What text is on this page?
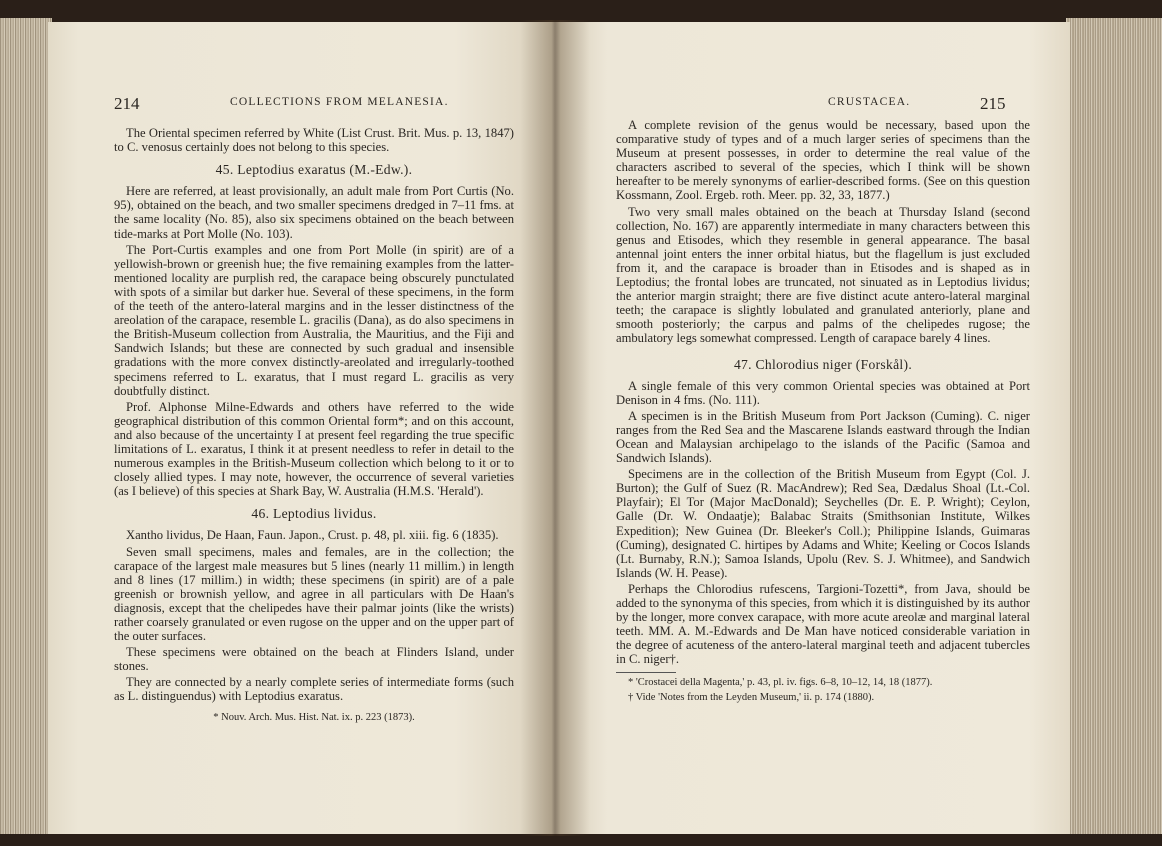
214	COLLECTIONS FROM MELANESIA.

The Oriental specimen referred by White (List Crust. Brit. Mus. p. 13, 1847) to C. venosus certainly does not belong to this species.

45. Leptodius exaratus (M.-Edw.).

Here are referred, at least provisionally, an adult male from Port Curtis (No. 95), obtained on the beach, and two smaller specimens dredged in 7–11 fms. at the same locality (No. 85), also six specimens obtained on the beach between tide-marks at Port Molle (No. 103).

The Port-Curtis examples and one from Port Molle (in spirit) are of a yellowish-brown or greenish hue; the five remaining examples from the latter-mentioned locality are purplish red, the carapace being obscurely punctulated with spots of a similar but darker hue. Several of these specimens, in the form of the teeth of the antero-lateral margins and in the lesser distinctness of the areolation of the carapace, resemble L. gracilis (Dana), as do also specimens in the British-Museum collection from Australia, the Mauritius, and the Fiji and Sandwich Islands; but these are connected by such gradual and insensible gradations with the more convex distinctly-areolated and irregularly-toothed specimens referred to L. exaratus, that I must regard L. gracilis as very doubtfully distinct.

Prof. Alphonse Milne-Edwards and others have referred to the wide geographical distribution of this common Oriental form*; and on this account, and also because of the uncertainty I at present feel regarding the true specific limitations of L. exaratus, I think it at present needless to refer in detail to the numerous examples in the British-Museum collection which belong to it or to closely allied types. I may note, however, the occurrence of several varieties (as I believe) of this species at Shark Bay, W. Australia (H.M.S. 'Herald').

46. Leptodius lividus.

Xantho lividus, De Haan, Faun. Japon., Crust. p. 48, pl. xiii. fig. 6 (1835).

Seven small specimens, males and females, are in the collection; the carapace of the largest male measures but 5 lines (nearly 11 millim.) in length and 8 lines (17 millim.) in width; these specimens (in spirit) are of a pale greenish or brownish yellow, and agree in all particulars with De Haan's diagnosis, except that the chelipedes have their palmar joints (like the wrists) rather coarsely granulated or even rugose on the upper and on the upper part of the outer surfaces.

These specimens were obtained on the beach at Flinders Island, under stones.

They are connected by a nearly complete series of intermediate forms (such as L. distinguendus) with Leptodius exaratus.

* Nouv. Arch. Mus. Hist. Nat. ix. p. 223 (1873).

CRUSTACEA.	215

A complete revision of the genus would be necessary, based upon the comparative study of types and of a much larger series of specimens than the Museum at present possesses, in order to determine the real value of the characters ascribed to several of the species, which I think will be shown hereafter to be merely synonyms of earlier-described forms. (See on this question Kossmann, Zool. Ergeb. roth. Meer. pp. 32, 33, 1877.)

Two very small males obtained on the beach at Thursday Island (second collection, No. 167) are apparently intermediate in many characters between this genus and Etisodes, which they resemble in general appearance. The basal antennal joint enters the inner orbital hiatus, but the flagellum is just excluded from it, and the carapace is broader than in Etisodes and is shaped as in Leptodius; the frontal lobes are truncated, not sinuated as in Leptodius lividus; the anterior margin straight; there are five distinct acute antero-lateral marginal teeth; the carapace is slightly lobulated and granulated anteriorly, plane and smooth posteriorly; the carpus and palms of the chelipedes rugose; the ambulatory legs somewhat compressed. Length of carapace barely 4 lines.

47. Chlorodius niger (Forskål).

A single female of this very common Oriental species was obtained at Port Denison in 4 fms. (No. 111).

A specimen is in the British Museum from Port Jackson (Cuming). C. niger ranges from the Red Sea and the Mascarene Islands eastward through the Indian Ocean and Malaysian archipelago to the islands of the Pacific (Samoa and Sandwich Islands).

Specimens are in the collection of the British Museum from Egypt (Col. J. Burton); the Gulf of Suez (R. MacAndrew); Red Sea, Dædalus Shoal (Lt.-Col. Playfair); El Tor (Major MacDonald); Seychelles (Dr. E. P. Wright); Ceylon, Galle (Dr. W. Ondaatje); Balabac Straits (Smithsonian Institute, Wilkes Expedition); New Guinea (Dr. Bleeker's Coll.); Philippine Islands, Guimaras (Cuming), designated C. hirtipes by Adams and White; Keeling or Cocos Islands (Lt. Burnaby, R.N.); Samoa Islands, Upolu (Rev. S. J. Whitmee), and Sandwich Islands (W. H. Pease).

Perhaps the Chlorodius rufescens, Targioni-Tozetti*, from Java, should be added to the synonyma of this species, from which it is distinguished by its author by the longer, more convex carapace, with more acute areolæ and marginal lateral teeth. MM. A. M.-Edwards and De Man have noticed considerable variation in the degree of acuteness of the antero-lateral marginal teeth and adjacent tubercles in C. niger†.

* 'Crostacei della Magenta,' p. 43, pl. iv. figs. 6–8, 10–12, 14, 18 (1877).

† Vide 'Notes from the Leyden Museum,' ii. p. 174 (1880).
